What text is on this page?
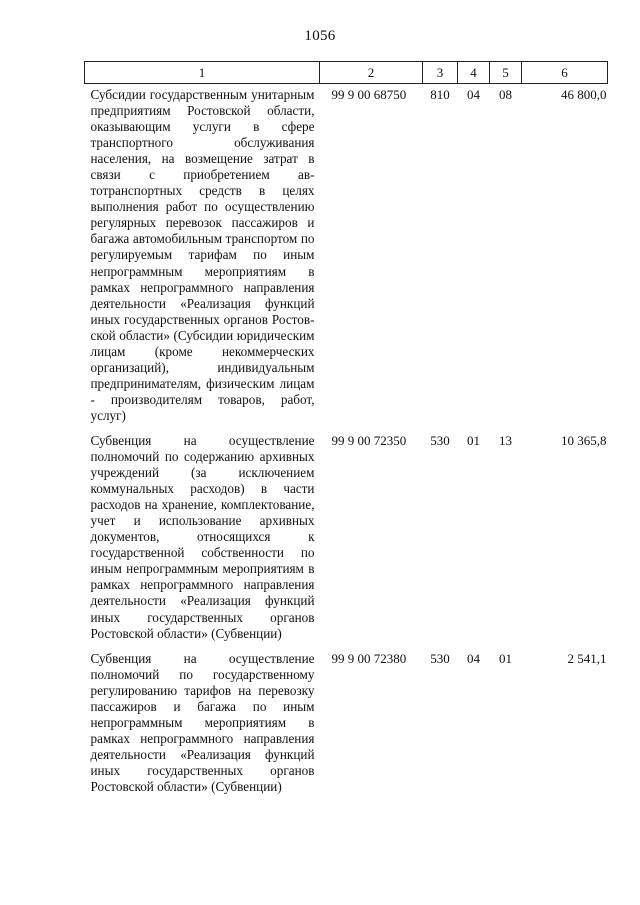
1056
1	2	3	4	5	6
Субсидии государственным унитарным предприятиям Ростовской области, оказывающим услуги в сфере транспортного обслуживания населения, на возмещение затрат в связи с приобретением автотранспортных средств в целях выполнения работ по осуществлению регулярных перевозок пассажиров и багажа автомобильным транспортом по регулируемым тарифам по иным непрограммным мероприятиям в рамках непрограммного направления деятельности «Реализация функций иных государственных органов Ростовской области» (Субсидии юридическим лицам (кроме некоммерческих организаций), индивидуальным предпринимателям, физическим лицам - производителям товаров, работ, услуг)	99 9 00 68750	810	04	08	46 800,0
Субвенция на осуществление полномочий по содержанию архивных учреждений (за исключением коммунальных расходов) в части расходов на хранение, комплектование, учет и использование архивных документов, относящихся к государственной собственности по иным непрограммным мероприятиям в рамках непрограммного направления деятельности «Реализация функций иных государственных органов Ростовской области» (Субвенции)	99 9 00 72350	530	01	13	10 365,8
Субвенция на осуществление полномочий по государственному регулированию тарифов на перевозку пассажиров и багажа по иным непрограммным мероприятиям в рамках непрограммного направления деятельности «Реализация функций иных государственных органов Ростовской области» (Субвенции)	99 9 00 72380	530	04	01	2 541,1
